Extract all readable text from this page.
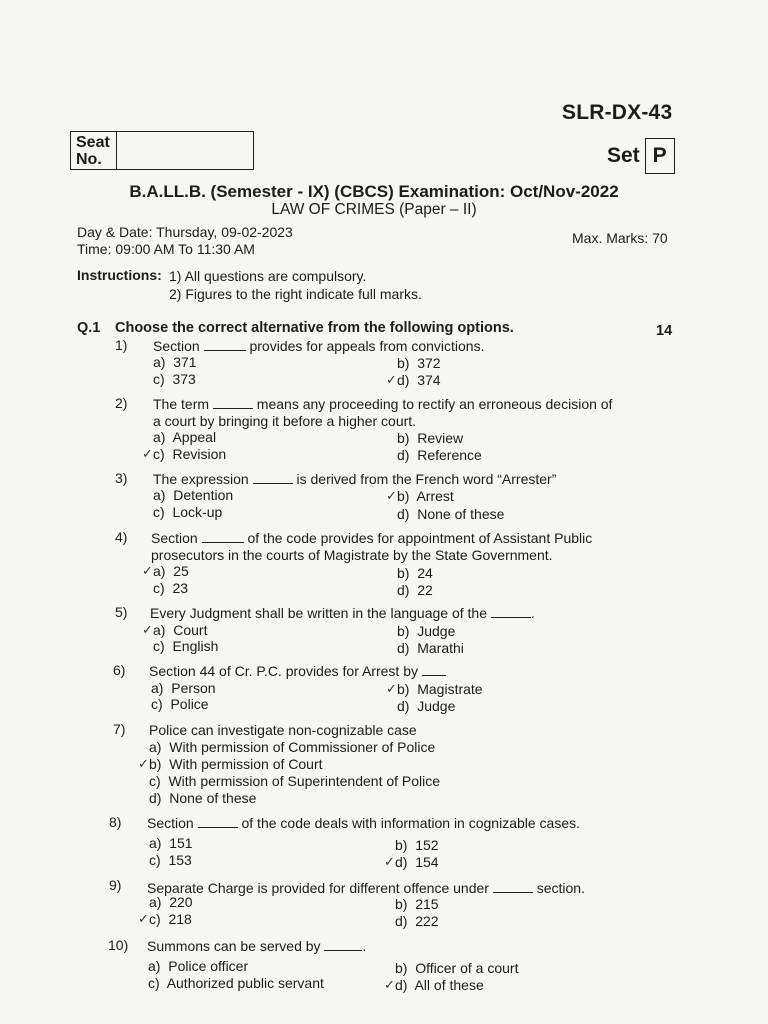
SLR-DX-43
Seat
No.	Set P
B.A.LL.B. (Semester - IX) (CBCS) Examination: Oct/Nov-2022
LAW OF CRIMES (Paper – II)
Day & Date: Thursday, 09-02-2023
Time: 09:00 AM To 11:30 AM
Max. Marks: 70
Instructions: 1) All questions are compulsory.
2) Figures to the right indicate full marks.
Q.1 Choose the correct alternative from the following options.	14
1) Section	provides for appeals from convictions.
a) 371	b) 372
c) 373	d) 374
✓
2) The term	means any proceeding to rectify an erroneous decision of
a court by bringing it before a higher court.
a) Appeal	b) Review
c) Revision	d) Reference
✓
3) The expression	is derived from the French word “Arrester”
a) Detention	b) Arrest
c) Lock-up	d) None of these
✓
4) Section	of the code provides for appointment of Assistant Public
prosecutors in the courts of Magistrate by the State Government.
a) 25	b) 24
c) 23	d) 22
✓
5) Every Judgment shall be written in the language of the	.
a) Court	b) Judge
c) English	d) Marathi
✓
6) Section 44 of Cr. P.C. provides for Arrest by
a) Person	b) Magistrate
c) Police	d) Judge
✓
7) Police can investigate non-cognizable case
a) With permission of Commissioner of Police
b) With permission of Court
c) With permission of Superintendent of Police
d) None of these
✓
8) Section	of the code deals with information in cognizable cases.
a) 151	b) 152
c) 153	d) 154
✓
9) Separate Charge is provided for different offence under	section.
a) 220	b) 215
c) 218	d) 222
✓
10) Summons can be served by	.
a) Police officer	b) Officer of a court
c) Authorized public servant	d) All of these
✓
